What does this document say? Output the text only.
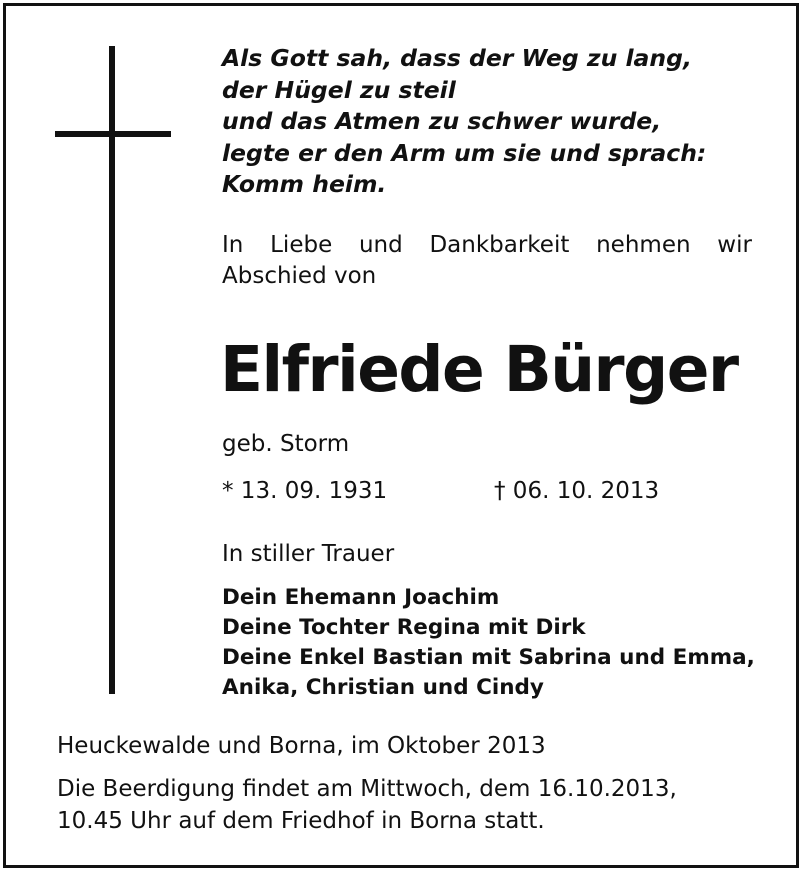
Als Gott sah, dass der Weg zu lang,
der Hügel zu steil
und das Atmen zu schwer wurde,
legte er den Arm um sie und sprach:
Komm heim.
In Liebe und Dankbarkeit nehmen wir
Abschied von
Elfriede Bürger
geb. Storm
* 13. 09. 1931	† 06. 10. 2013
In stiller Trauer
Dein Ehemann Joachim
Deine Tochter Regina mit Dirk
Deine Enkel Bastian mit Sabrina und Emma,
Anika, Christian und Cindy
Heuckewalde und Borna, im Oktober 2013
Die Beerdigung findet am Mittwoch, dem 16.10.2013,
10.45 Uhr auf dem Friedhof in Borna statt.
